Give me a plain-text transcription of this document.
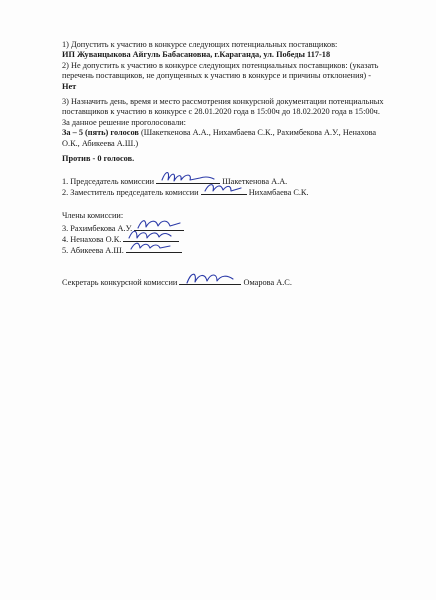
1) Допустить к участию в конкурсе следующих потенциальных поставщиков:
ИП Жуванцыкова Айгуль Бабасановна, г.Караганда, ул. Победы 117-18
2) Не допустить к участию в конкурсе следующих потенциальных поставщиков: (указать
перечень поставщиков, не допущенных к участию в конкурсе и причины отклонения) -
Нет
3) Назначить день, время и место рассмотрения конкурсной документации потенциальных
поставщиков к участию в конкурсе с 28.01.2020 года в 15:00ч до 18.02.2020 года в 15:00ч.
За данное решение проголосовали:
За – 5 (пять) голосов (Шакеткенова А.А., Нихамбаева С.К., Рахимбекова А.У., Ненахова
О.К., Абикеева А.Ш.)
Против - 0 голосов.
1. Председатель комиссии	Шакеткенова А.А.
2. Заместитель председатель комиссии	Нихамбаева С.К.
Члены комиссии:
3. Рахимбекова А.У.
4. Ненахова О.К.
5. Абикеева А.Ш.
Секретарь конкурсной комиссии	Омарова А.С.
